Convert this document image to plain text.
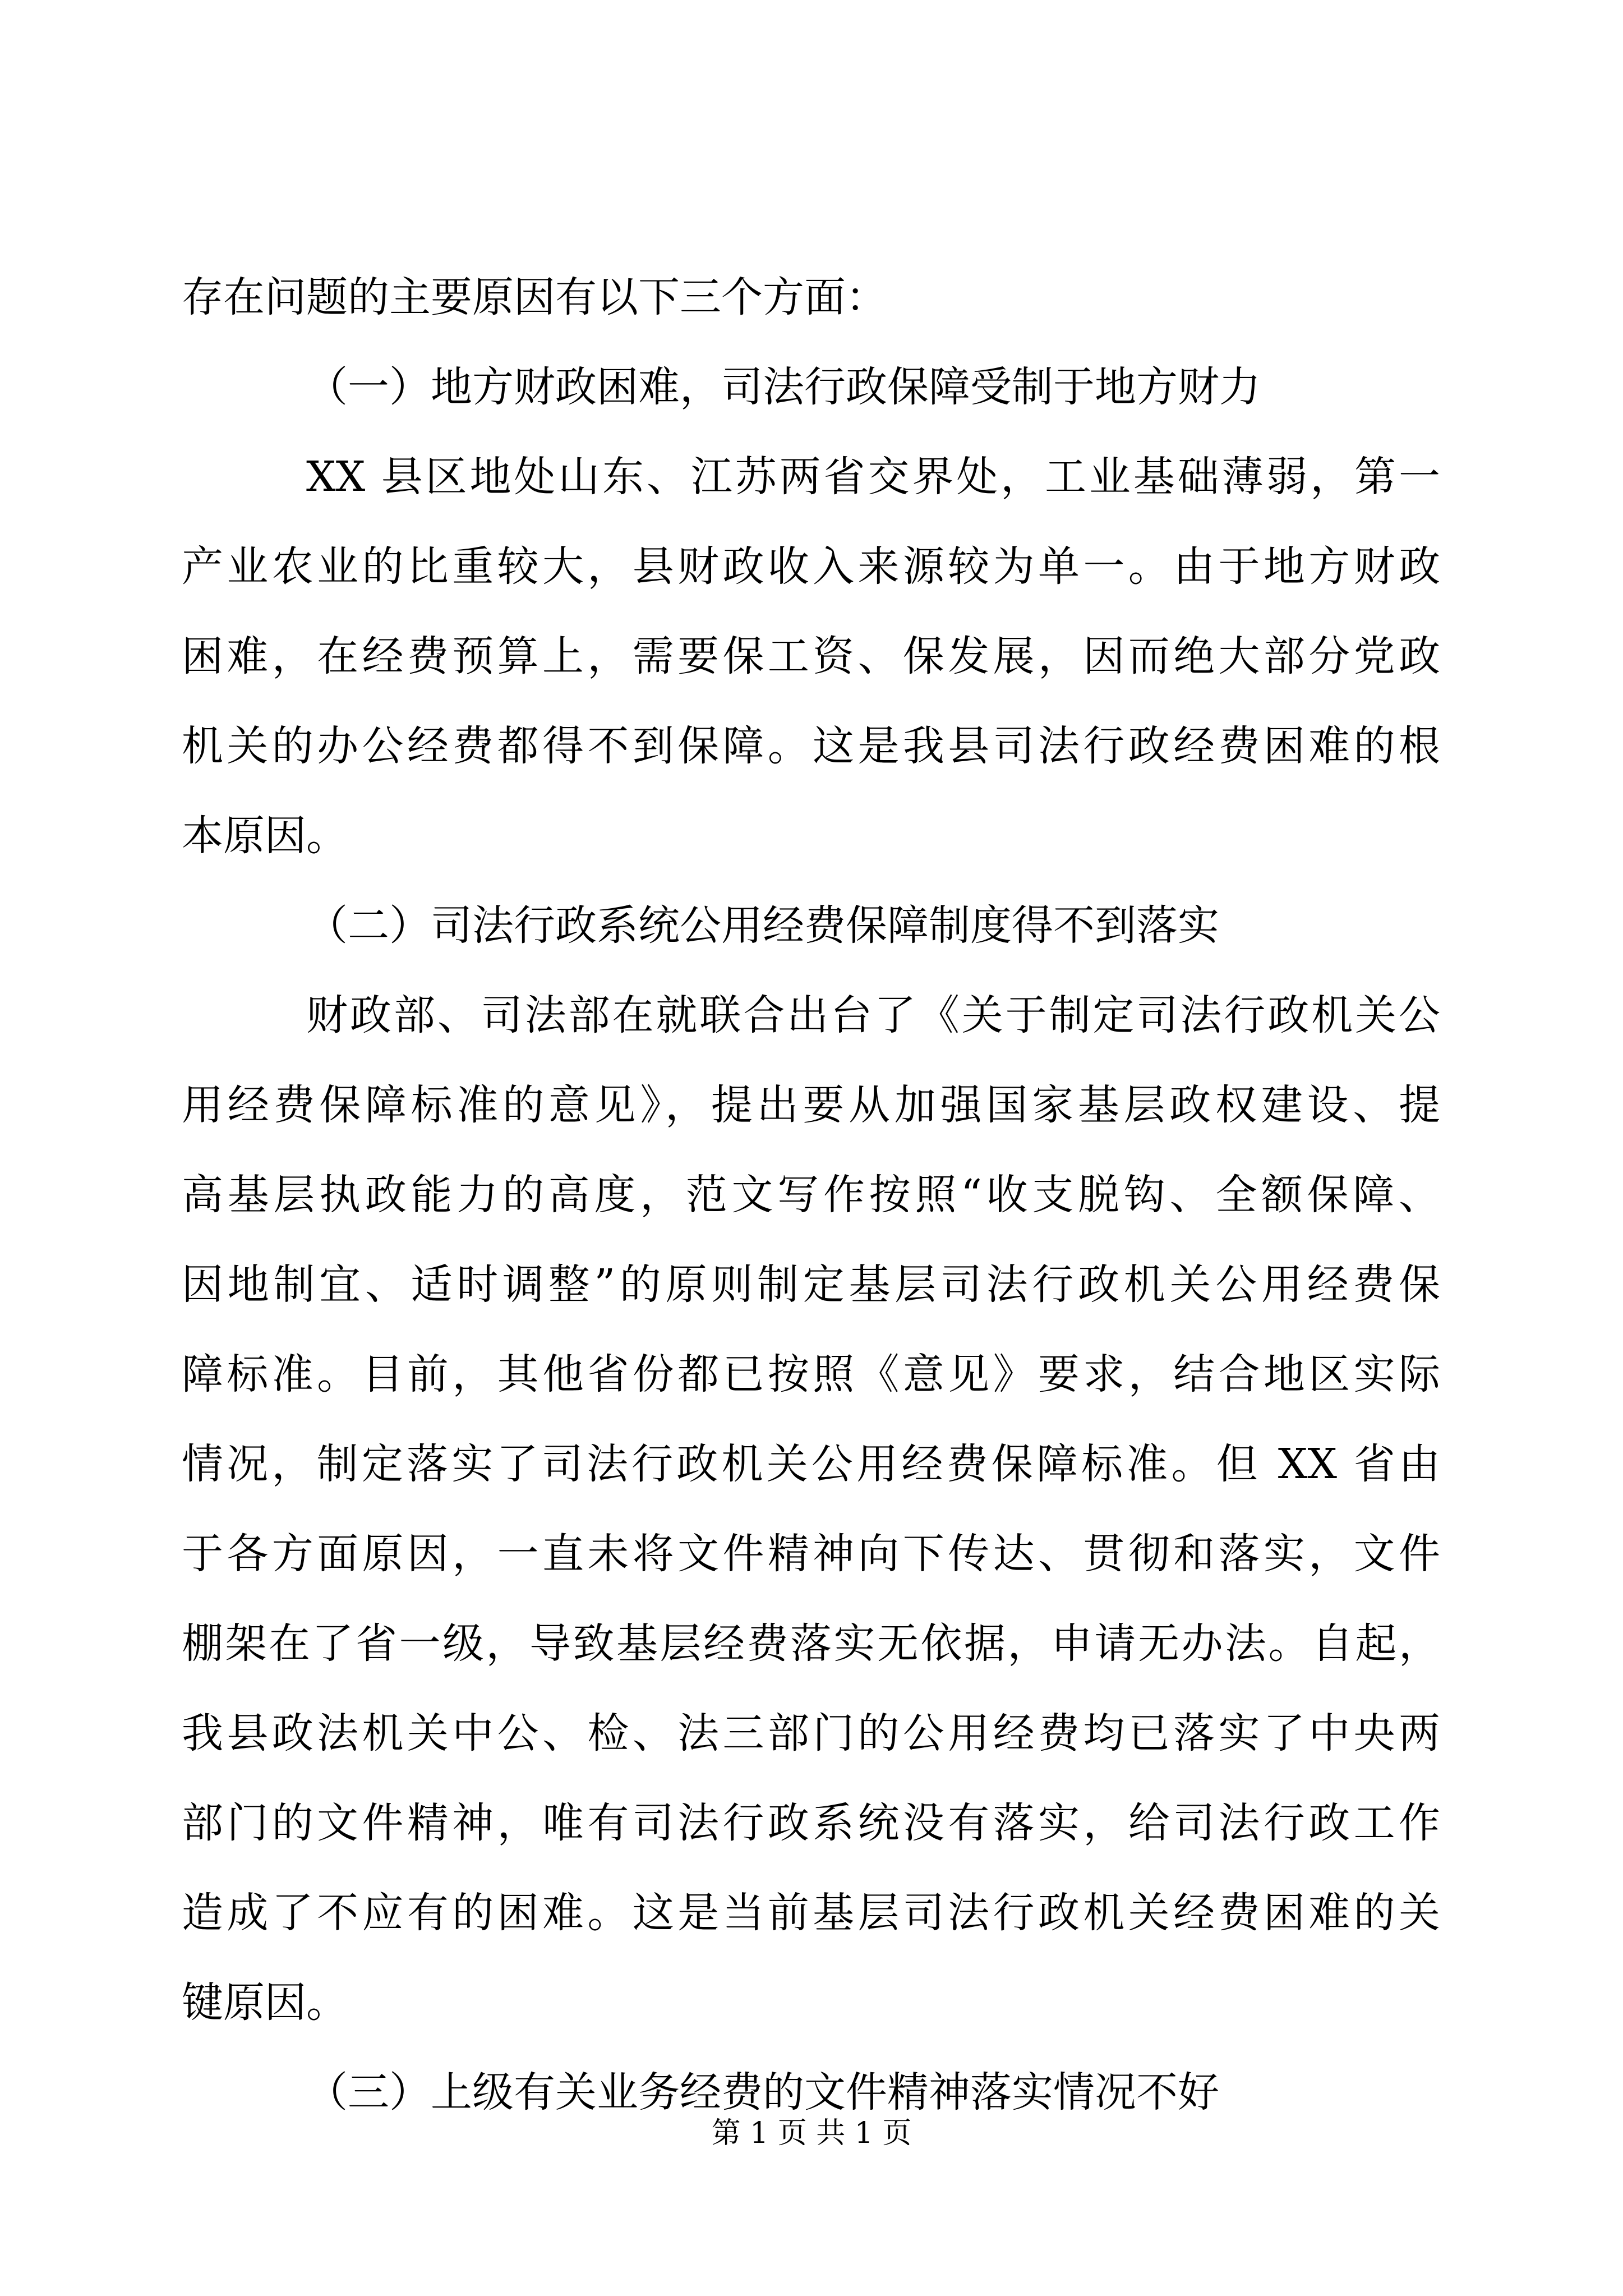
存在问题的主要原因有以下三个方面：
（一）地方财政困难，司法行政保障受制于地方财力
XX 县区地处山东、江苏两省交界处，工业基础薄弱，第一
产业农业的比重较大，县财政收入来源较为单一。由于地方财政
困难，在经费预算上，需要保工资、保发展，因而绝大部分党政
机关的办公经费都得不到保障。这是我县司法行政经费困难的根
本原因。
（二）司法行政系统公用经费保障制度得不到落实
财政部、司法部在就联合出台了《关于制定司法行政机关公
用经费保障标准的意见》，提出要从加强国家基层政权建设、提
高基层执政能力的高度，范文写作按照“收支脱钩、全额保障、
因地制宜、适时调整”的原则制定基层司法行政机关公用经费保
障标准。目前，其他省份都已按照《意见》要求，结合地区实际
情况，制定落实了司法行政机关公用经费保障标准。但 XX 省由
于各方面原因，一直未将文件精神向下传达、贯彻和落实，文件
棚架在了省一级，导致基层经费落实无依据，申请无办法。自起，
我县政法机关中公、检、法三部门的公用经费均已落实了中央两
部门的文件精神，唯有司法行政系统没有落实，给司法行政工作
造成了不应有的困难。这是当前基层司法行政机关经费困难的关
键原因。
（三）上级有关业务经费的文件精神落实情况不好
第 1 页 共 1 页
